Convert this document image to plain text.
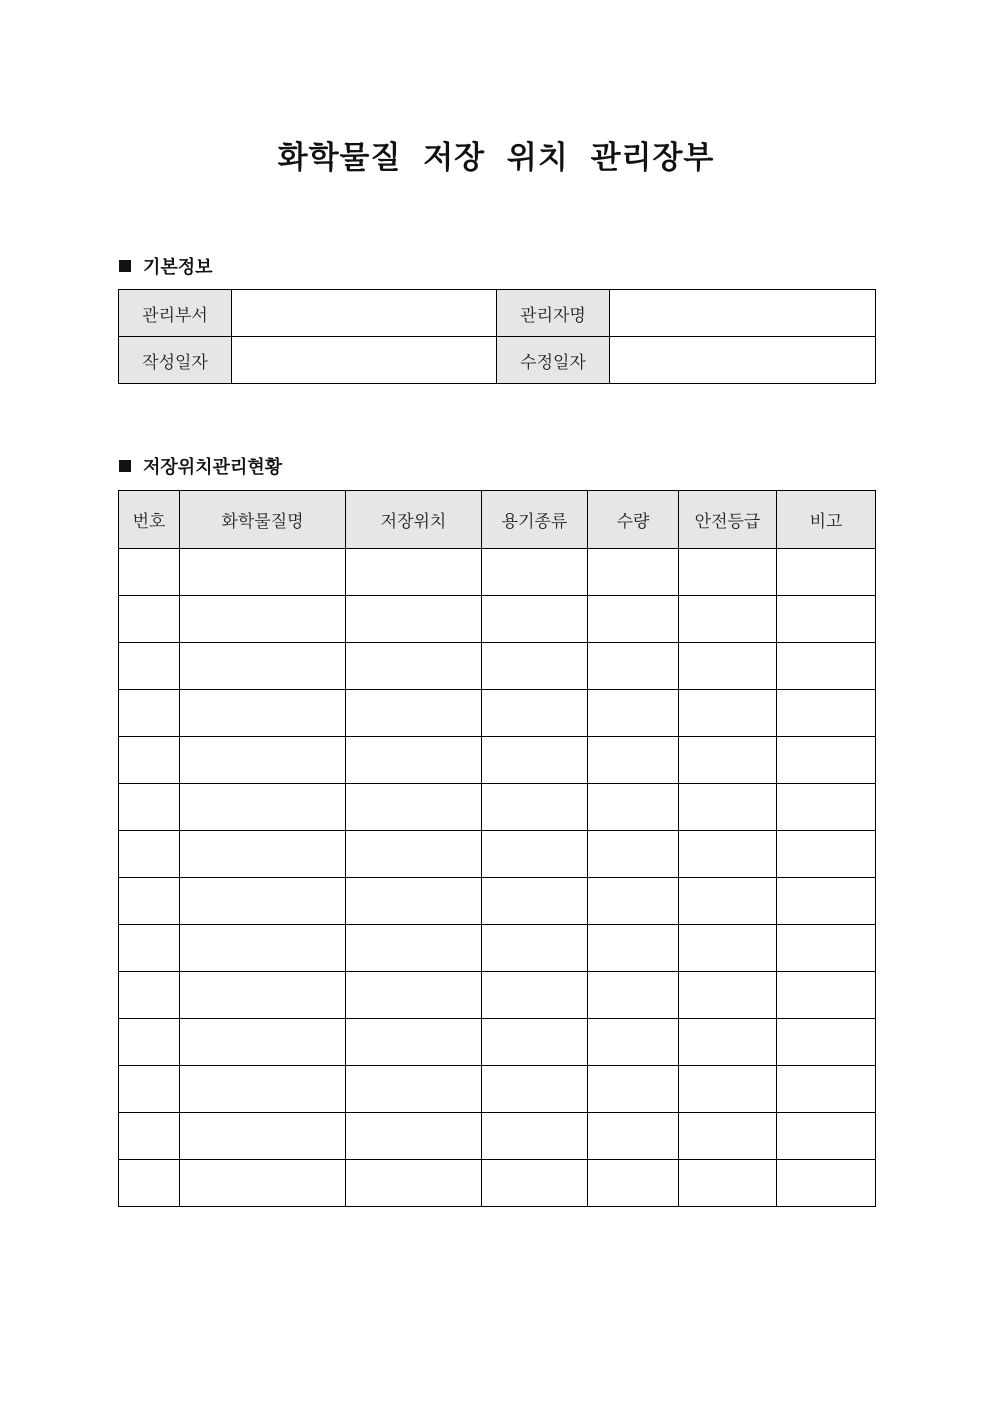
화학물질 저장 위치 관리장부
기본정보
관리부서		관리자명	
작성일자		수정일자	
저장위치관리현황
번호	화학물질명	저장위치	용기종류	수량	안전등급	비고
